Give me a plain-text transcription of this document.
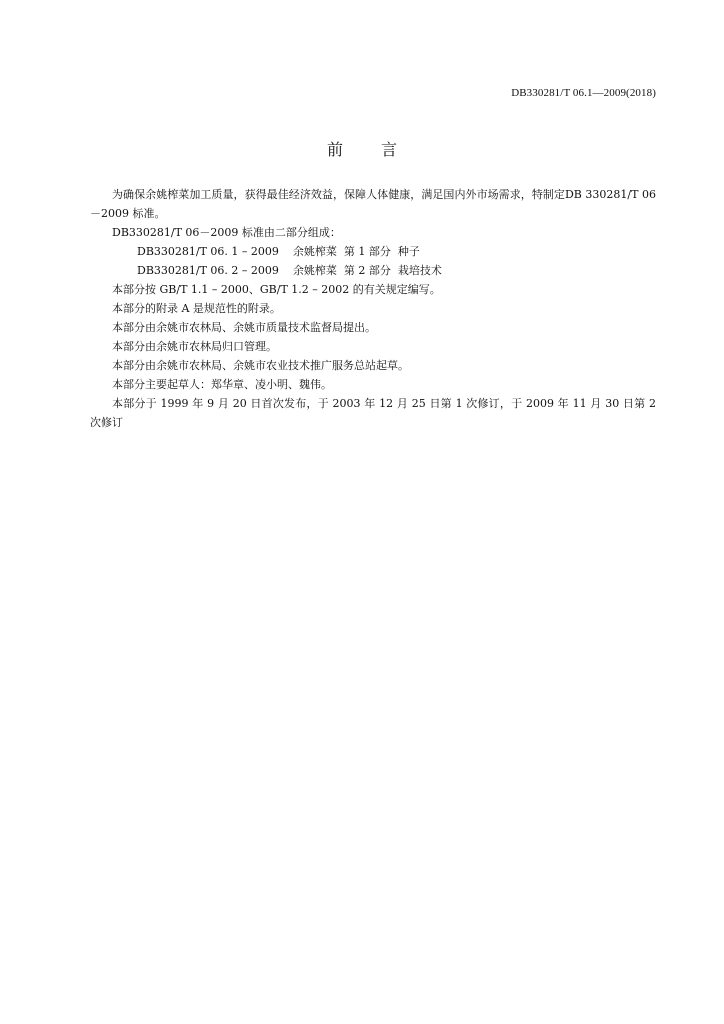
DB330281/T 06.1—2009(2018)
前 言

为确保余姚榨菜加工质量，获得最佳经济效益，保障人体健康，满足国内外市场需求，特制定DB 330281/T 06－2009 标准。

DB330281/T 06－2009 标准由二部分组成：

DB330281/T 06. 1 – 2009    余姚榨菜  第 1 部分  种子

DB330281/T 06. 2 – 2009    余姚榨菜  第 2 部分  栽培技术

本部分按 GB/T 1.1 – 2000、GB/T 1.2 – 2002 的有关规定编写。

本部分的附录 A 是规范性的附录。

本部分由余姚市农林局、余姚市质量技术监督局提出。

本部分由余姚市农林局归口管理。

本部分由余姚市农林局、余姚市农业技术推广服务总站起草。

本部分主要起草人：郑华章、凌小明、魏伟。

本部分于 1999 年 9 月 20 日首次发布，于 2003 年 12 月 25 日第 1 次修订，于 2009 年 11 月 30 日第 2 次修订
